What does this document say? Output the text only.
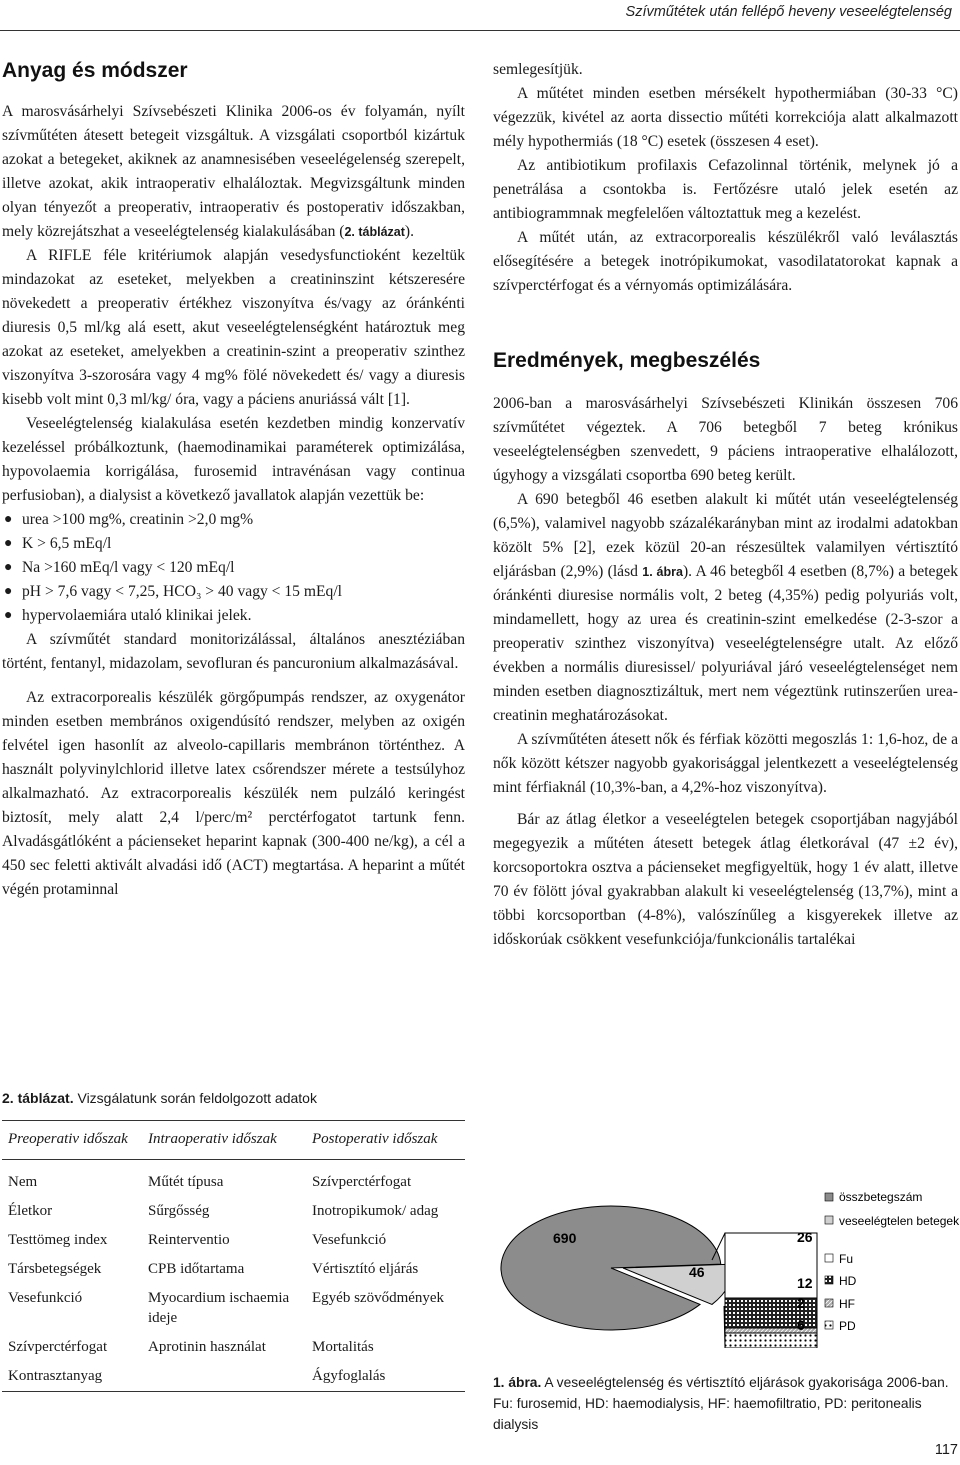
Szívműtétek után fellépő heveny veseelégtelenség
Anyag és módszer

A marosvásárhelyi Szívsebészeti Klinika 2006-os év folyamán, nyílt szívműtéten átesett betegeit vizsgáltuk. A vizsgálati csoportból kizártuk azokat a betegeket, akiknek az anamnesisében veseelégelenség szerepelt, illetve azokat, akik intraoperativ elhaláloztak. Megvizsgáltunk minden olyan tényezőt a preoperativ, intraoperativ és postoperativ időszakban, mely közrejátszhat a veseelégtelenség kialakulásában (2. táblázat).

A RIFLE féle kritériumok alapján vesedysfunctioként kezeltük mindazokat az eseteket, melyekben a creatininszint kétszeresére növekedett a preoperativ értékhez viszonyítva és/vagy az óránkénti diuresis 0,5 ml/kg alá esett, akut veseelégtelenségként határoztuk meg azokat az eseteket, amelyekben a creatinin-szint a preoperativ szinthez viszonyítva 3-szorosára vagy 4 mg% fölé növekedett és/ vagy a diuresis kisebb volt mint 0,3 ml/kg/ óra, vagy a páciens anuriássá vált [1].

Veseelégtelenség kialakulása esetén kezdetben mindig konzervatív kezeléssel próbálkoztunk, (haemodinamikai paraméterek optimizálása, hypovolaemia korrigálása, furosemid intravénásan vagy continua perfusioban), a dialysist a következő javallatok alapján vezettük be:

● urea >100 mg%, creatinin >2,0 mg%
● K > 6,5 mEq/l
● Na >160 mEq/l vagy < 120 mEq/l
● pH > 7,6 vagy < 7,25, HCO₃ > 40 vagy < 15 mEq/l
● hypervolaemiára utaló klinikai jelek.

A szívműtét standard monitorizálással, általános anesztéziában történt, fentanyl, midazolam, sevofluran és pancuronium alkalmazásával.

Az extracorporealis készülék görgőpumpás rendszer, az oxygenátor minden esetben membrános oxigendúsító rendszer, melyben az oxigén felvétel igen hasonlít az alveolo-capillaris membránon történthez. A használt polyvinylchlorid illetve latex csőrendszer mérete a testsúlyhoz alkalmazható. Az extracorporealis készülék nem pulzáló keringést biztosít, mely alatt 2,4 l/perc/m² perctérfogatot tartunk fenn. Alvadásgátlóként a pácienseket heparint kapnak (300-400 ne/kg), a cél a 450 sec feletti aktivált alvadási idő (ACT) megtartása. A heparint a műtét végén protaminnal

2. táblázat. Vizsgálatunk során feldolgozott adatok
Preoperativ időszak	Intraoperativ időszak	Postoperativ időszak

Nem	Műtét típusa	Szívperctérfogat
Életkor	Sűrgősség	Inotropikumok/ adag
Testtömeg index	Reinterventio	Vesefunkció
Társbetegségek	CPB időtartama	Vértisztító eljárás
Vesefunkció	Myocardium ischaemia ideje	Egyéb szövődmények
Szívperctérfogat	Aprotinin használat	Mortalitás
Kontrasztanyag		Ágyfoglalás

semlegesítjük.

A műtétet minden esetben mérsékelt hypothermiában (30-33 °C) végezzük, kivétel az aorta dissectio műtéti korrekciója alatt alkalmazott mély hypothermiás (18 °C) esetek (összesen 4 eset).

Az antibiotikum profilaxis Cefazolinnal történik, melynek jó a penetrálása a csontokba is. Fertőzésre utaló jelek esetén az antibiogrammnak megfelelően változtattuk meg a kezelést.

A műtét után, az extracorporealis készülékről való leválasztás elősegítésére a betegek inotrópikumokat, vasodilatatorokat kapnak a szívperctérfogat és a vérnyomás optimizálására.

Eredmények, megbeszélés

2006-ban a marosvásárhelyi Szívsebészeti Klinikán összesen 706 szívműtétet végeztek. A 706 betegből 7 beteg krónikus veseelégtelenségben szenvedett, 9 páciens intraoperative elhalálozott, úgyhogy a vizsgálati csoportba 690 beteg került.

A 690 betegből 46 esetben alakult ki műtét után veseelégtelenség (6,5%), valamivel nagyobb százalékarányban mint az irodalmi adatokban közölt 5% [2], ezek közül 20-an részesültek valamilyen vértisztító eljárásban (2,9%) (lásd 1. ábra). A 46 betegből 4 esetben (8,7%) a betegek óránkénti diuresise normális volt, 2 beteg (4,35%) pedig polyuriás volt, mindamellett, hogy az urea és creatinin-szint emelkedése (2-3-szor a preoperativ szinthez viszonyítva) veseelégtelenségre utalt. Az előző években a normális diuresissel/ polyuriával járó veseelégtelenséget nem minden esetben diagnosztizáltuk, mert nem végeztünk rutinszerűen urea-creatinin meghatározásokat.

A szívműtéten átesett nők és férfiak közötti megoszlás 1: 1,6-hoz, de a nők között kétszer nagyobb gyakorisággal jelentkezett a veseelégtelenség mint férfiaknál (10,3%-ban, a 4,2%-hoz viszonyítva).

Bár az átlag életkor a veseelégtelen betegek csoportjában nagyjából megegyezik a műtéten átesett betegek átlag életkorával (47 ±2 év), korcsoportokra osztva a pácienseket megfigyeltük, hogy 1 év alatt, illetve 70 év fölött jóval gyakrabban alakult ki veseelégtelenség (13,7%), mint a többi korcsoportban (4-8%), valószínűleg a kisgyerekek illetve az időskorúak csökkent vesefunkciója/funkcionális tartalékai

690
46
26
12
2
6
összbetegszám
veseelégtelen betegek
Fu
HD
HF
PD
1. ábra. A veseelégtelenség és vértisztító eljárások gyakorisága 2006-ban. Fu: furosemid, HD: haemodialysis, HF: haemofiltratio, PD: peritonealis dialysis
117
